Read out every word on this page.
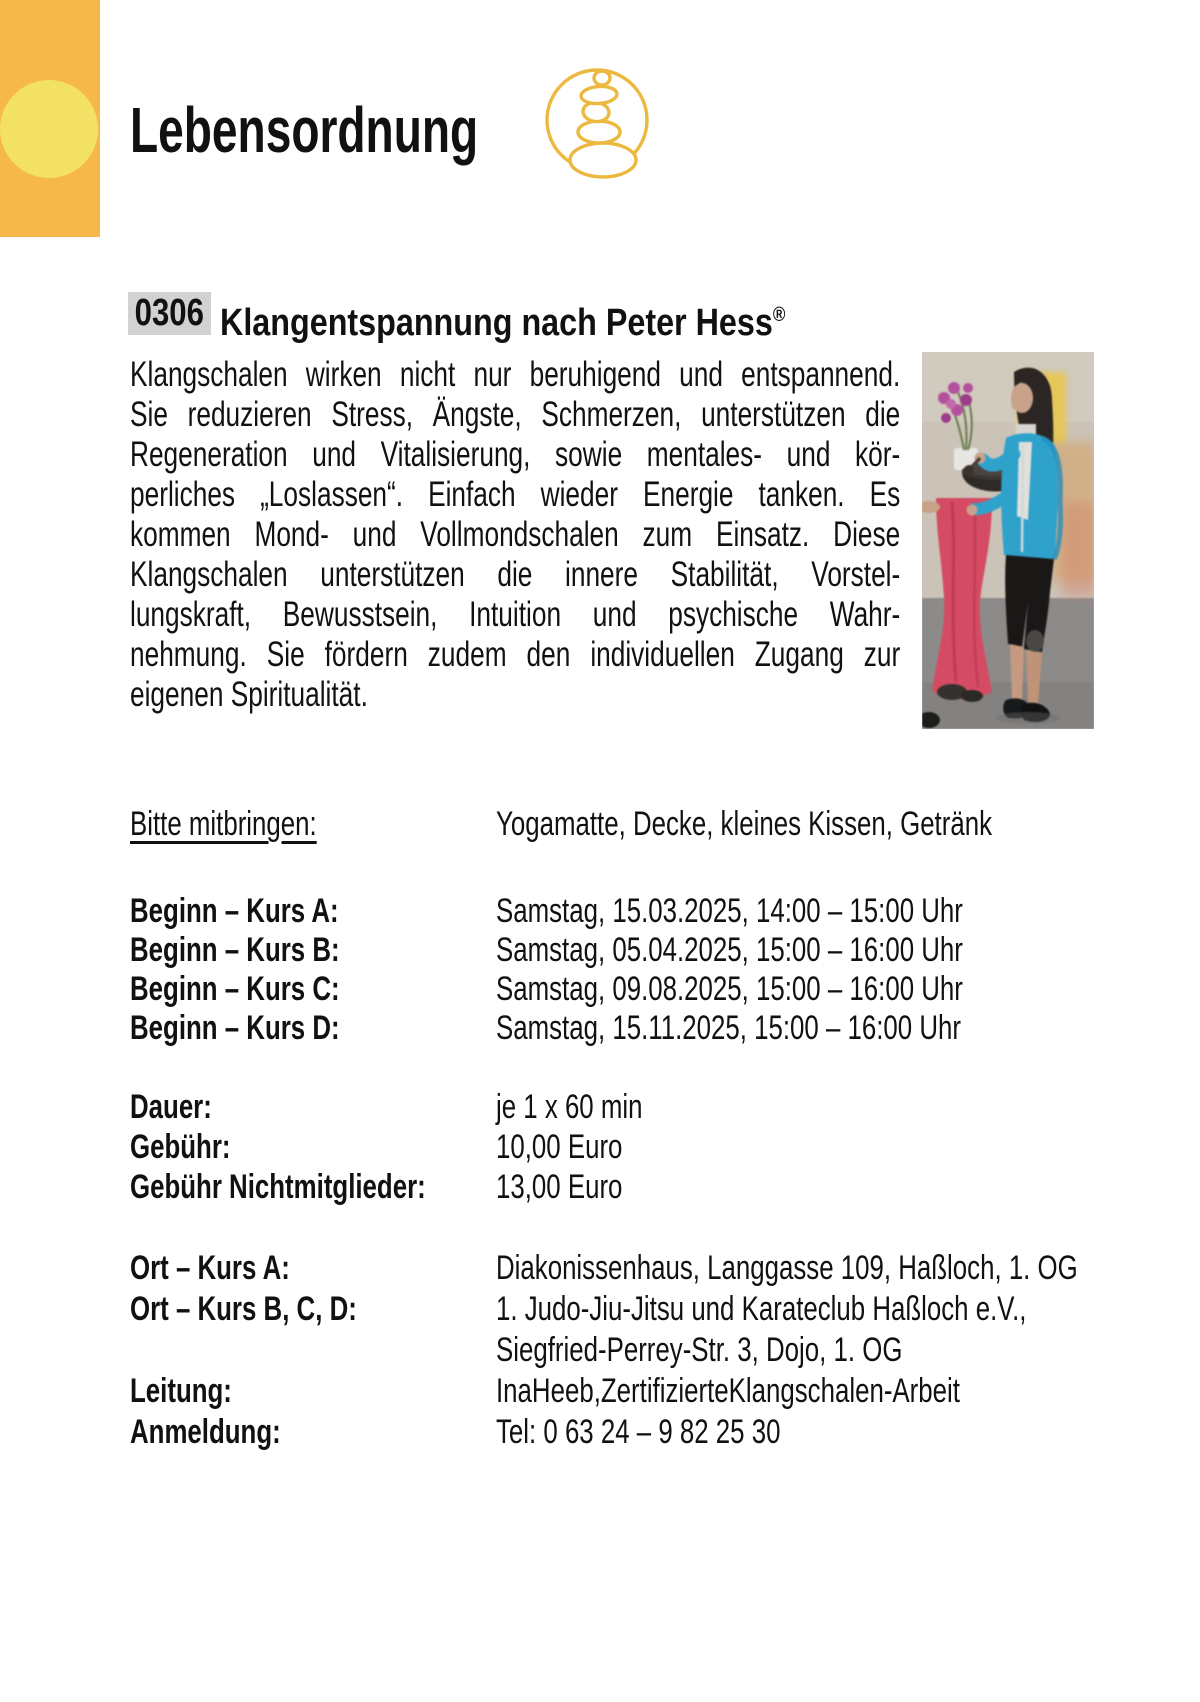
Lebensordnung
0306 Klangentspannung nach Peter Hess®
Klangschalen wirken nicht nur beruhigend und entspannend.
Sie reduzieren Stress, Ängste, Schmerzen, unterstützen die
Regeneration und Vitalisierung, sowie mentales- und kör-
perliches „Loslassen“. Einfach wieder Energie tanken. Es
kommen Mond- und Vollmondschalen zum Einsatz. Diese
Klangschalen unterstützen die innere Stabilität, Vorstel-
lungskraft, Bewusstsein, Intuition und psychische Wahr-
nehmung. Sie fördern zudem den individuellen Zugang zur
eigenen Spiritualität.
Bitte mitbringen:	Yogamatte, Decke, kleines Kissen, Getränk
Beginn – Kurs A:	Samstag, 15.03.2025, 14:00 – 15:00 Uhr
Beginn – Kurs B:	Samstag, 05.04.2025, 15:00 – 16:00 Uhr
Beginn – Kurs C:	Samstag, 09.08.2025, 15:00 – 16:00 Uhr
Beginn – Kurs D:	Samstag, 15.11.2025, 15:00 – 16:00 Uhr
Dauer:	je 1 x 60 min
Gebühr:	10,00 Euro
Gebühr Nichtmitglieder: 13,00 Euro
Ort – Kurs A:	Diakonissenhaus, Langgasse 109, Haßloch, 1. OG
Ort – Kurs B, C, D:	1. Judo-Jiu-Jitsu und Karateclub Haßloch e.V.,
Siegfried-Perrey-Str. 3, Dojo, 1. OG
Leitung:	InaHeeb,ZertifizierteKlangschalen-Arbeit
Anmeldung:	Tel: 0 63 24 – 9 82 25 30
